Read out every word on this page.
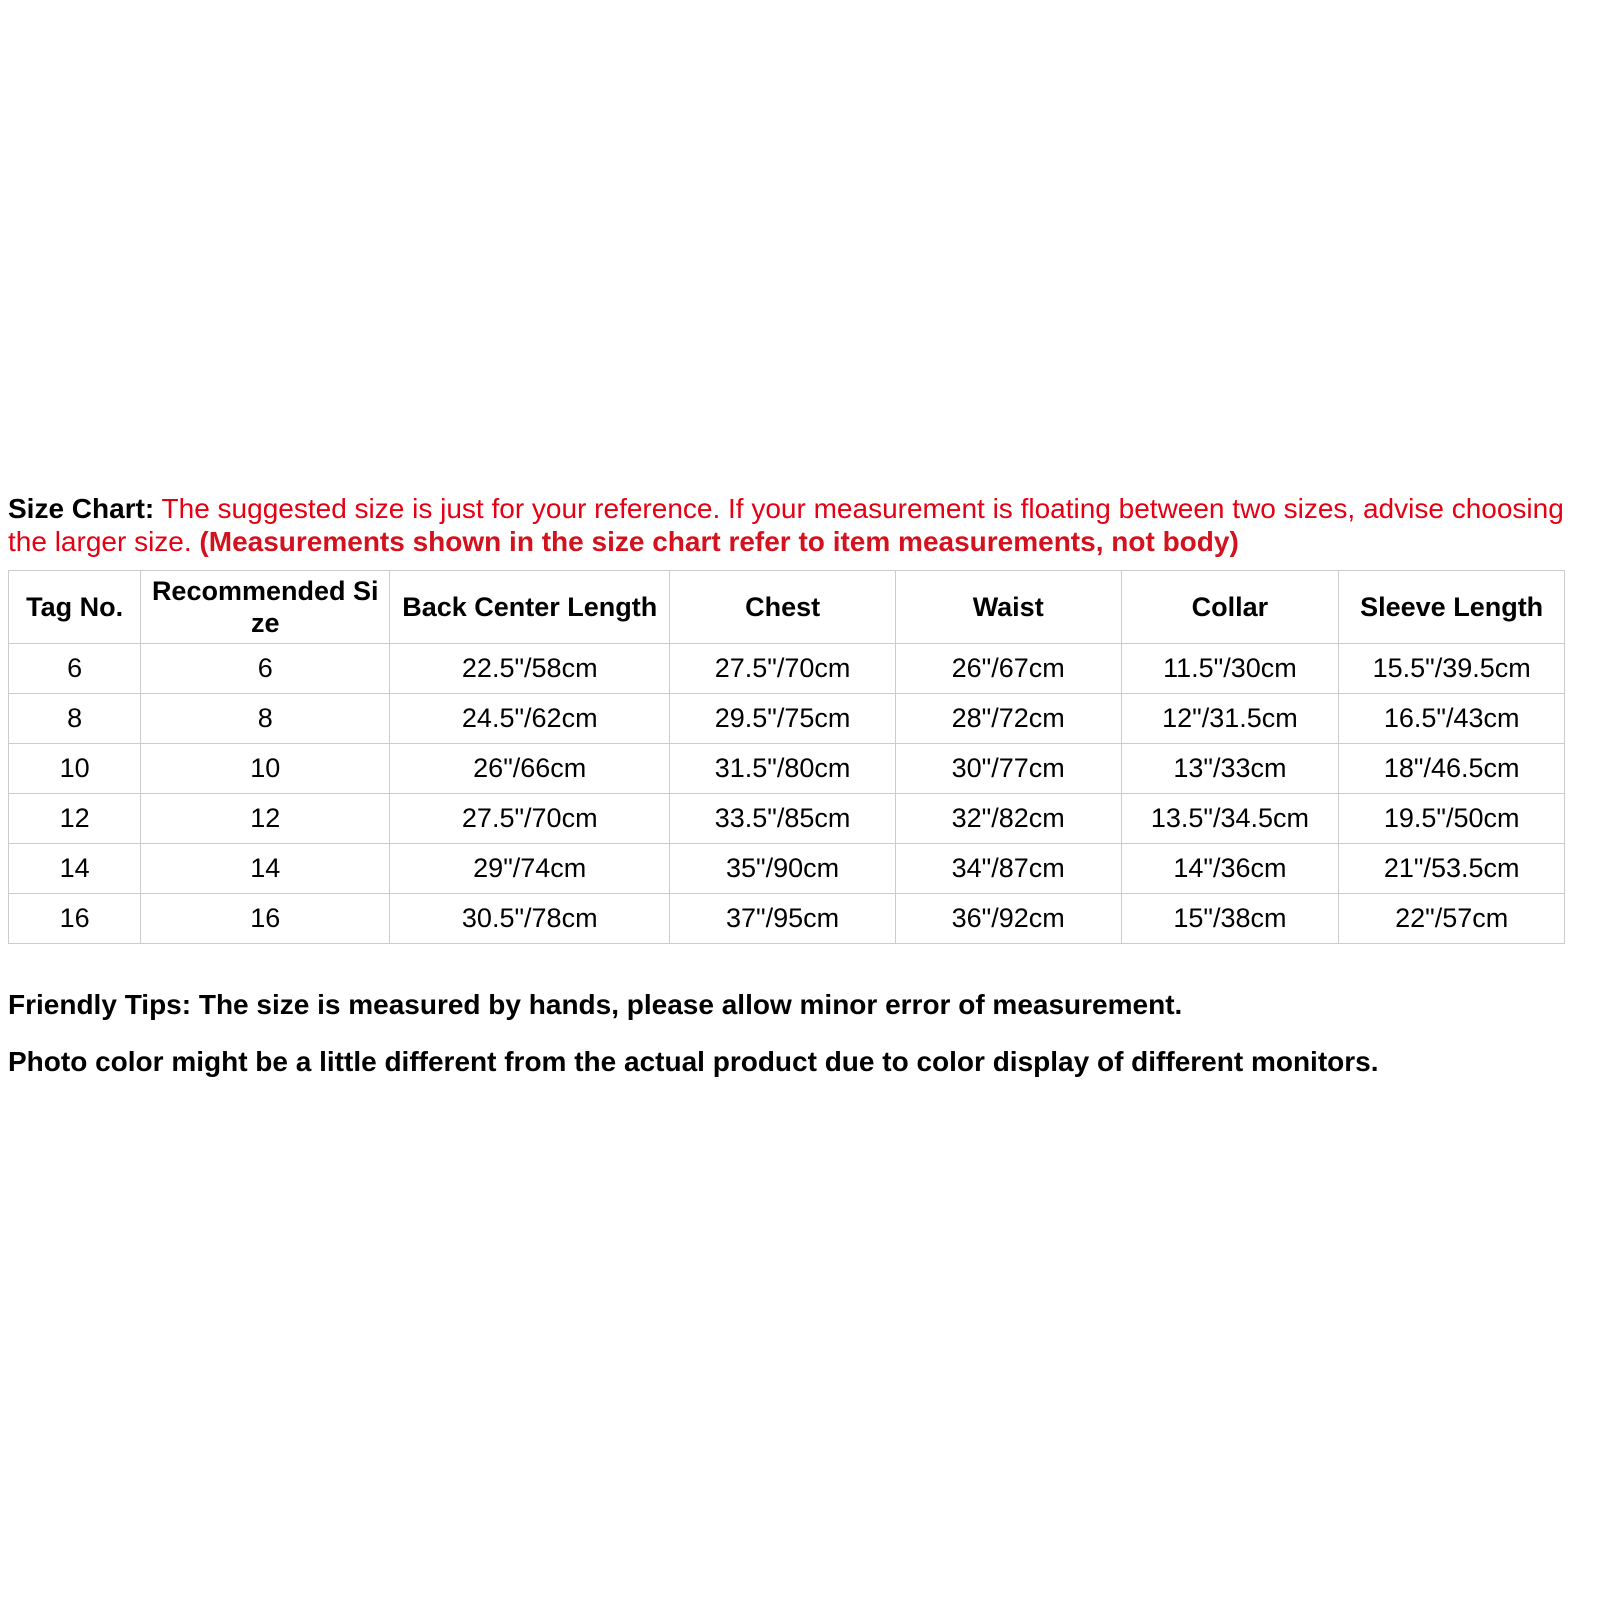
Size Chart: The suggested size is just for your reference. If your measurement is floating between two sizes, advise choosing the larger size. (Measurements shown in the size chart refer to item measurements, not body)

Tag No.	Recommended Size	Back Center Length	Chest	Waist	Collar	Sleeve Length
6	6	22.5"/58cm	27.5"/70cm	26"/67cm	11.5"/30cm	15.5"/39.5cm
8	8	24.5"/62cm	29.5"/75cm	28"/72cm	12"/31.5cm	16.5"/43cm
10	10	26"/66cm	31.5"/80cm	30"/77cm	13"/33cm	18"/46.5cm
12	12	27.5"/70cm	33.5"/85cm	32"/82cm	13.5"/34.5cm	19.5"/50cm
14	14	29"/74cm	35"/90cm	34"/87cm	14"/36cm	21"/53.5cm
16	16	30.5"/78cm	37"/95cm	36"/92cm	15"/38cm	22"/57cm

Friendly Tips: The size is measured by hands, please allow minor error of measurement.

Photo color might be a little different from the actual product due to color display of different monitors.
